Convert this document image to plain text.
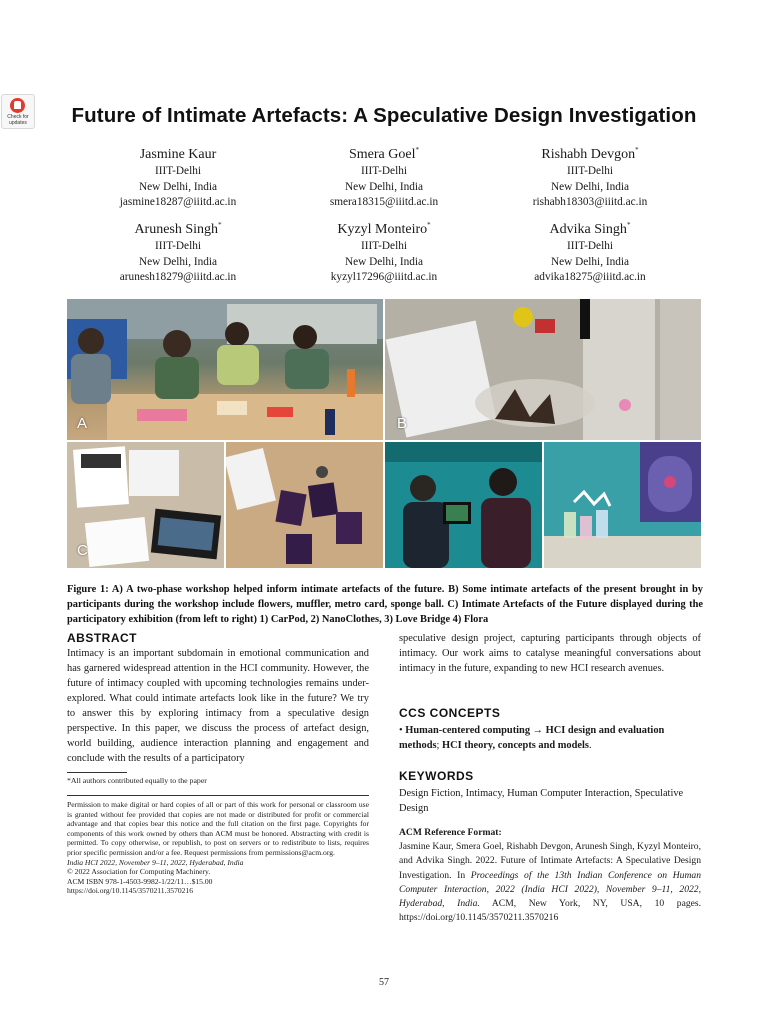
Check for updates	Future of Intimate Artefacts: A Speculative Design Investigation
Jasmine Kaur
IIIT-Delhi
New Delhi, India
jasmine18287@iiitd.ac.in
Smera Goel*
IIIT-Delhi
New Delhi, India
smera18315@iiitd.ac.in
Rishabh Devgon*
IIIT-Delhi
New Delhi, India
rishabh18303@iiitd.ac.in
Arunesh Singh*
IIIT-Delhi
New Delhi, India
arunesh18279@iiitd.ac.in
Kyzyl Monteiro*
IIIT-Delhi
New Delhi, India
kyzyl17296@iiitd.ac.in
Advika Singh*
IIIT-Delhi
New Delhi, India
advika18275@iiitd.ac.in
A	B
C
Figure 1: A) A two-phase workshop helped inform intimate artefacts of the future. B) Some intimate artefacts of the present brought in by participants during the workshop include flowers, muffler, metro card, sponge ball. C) Intimate Artefacts of the Future displayed during the participatory exhibition (from left to right) 1) CarPod, 2) NanoClothes, 3) Love Bridge 4) Flora
ABSTRACT
Intimacy is an important subdomain in emotional communication and has garnered widespread attention in the HCI community. However, the future of intimacy coupled with upcoming technologies remains under-explored. What could intimate artefacts look like in the future? We try to answer this by exploring intimacy from a speculative design perspective. In this paper, we discuss the process of artefact design, world building, audience interaction planning and engagement and conclude with the results of a participatory
*All authors contributed equally to the paper
Permission to make digital or hard copies of all or part of this work for personal or classroom use is granted without fee provided that copies are not made or distributed for profit or commercial advantage and that copies bear this notice and the full citation on the first page. Copyrights for components of this work owned by others than ACM must be honored. Abstracting with credit is permitted. To copy otherwise, or republish, to post on servers or to redistribute to lists, requires prior specific permission and/or a fee. Request permissions from permissions@acm.org.
India HCI 2022, November 9–11, 2022, Hyderabad, India
© 2022 Association for Computing Machinery.
ACM ISBN 978-1-4503-9982-1/22/11…$15.00
https://doi.org/10.1145/3570211.3570216
speculative design project, capturing participants through objects of intimacy. Our work aims to catalyse meaningful conversations about intimacy in the future, expanding to new HCI research avenues.
CCS CONCEPTS
• Human-centered computing → HCI design and evaluation methods; HCI theory, concepts and models.
KEYWORDS
Design Fiction, Intimacy, Human Computer Interaction, Speculative Design
ACM Reference Format:
Jasmine Kaur, Smera Goel, Rishabh Devgon, Arunesh Singh, Kyzyl Monteiro, and Advika Singh. 2022. Future of Intimate Artefacts: A Speculative Design Investigation. In Proceedings of the 13th Indian Conference on Human Computer Interaction, 2022 (India HCI 2022), November 9–11, 2022, Hyderabad, India. ACM, New York, NY, USA, 10 pages. https://doi.org/10.1145/3570211.3570216
57
